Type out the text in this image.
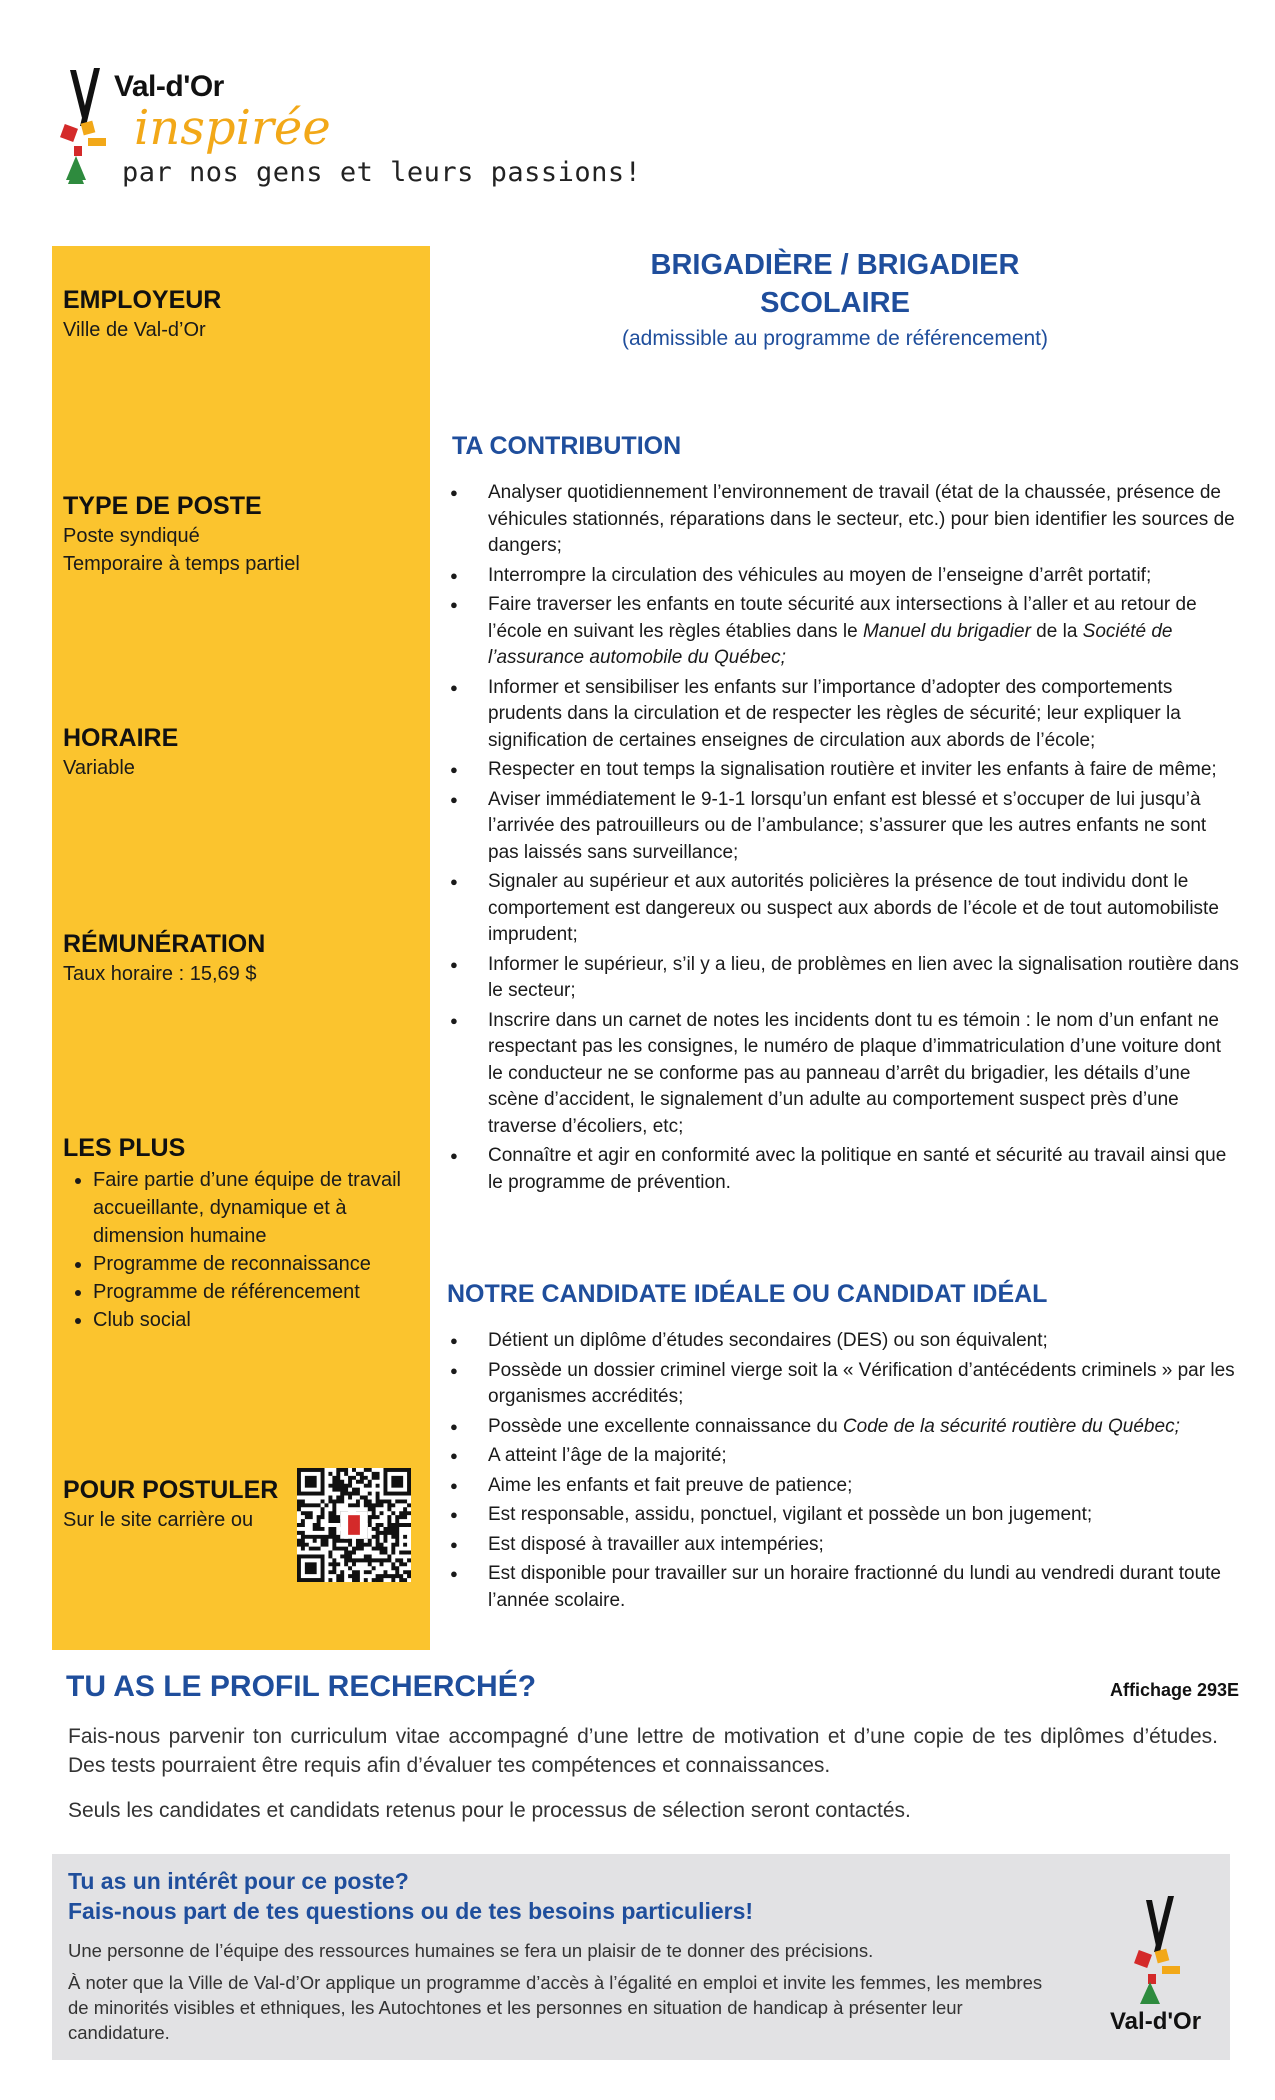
Val-d'Or
inspirée
par nos gens et leurs passions!
EMPLOYEUR
Ville de Val-d’Or
TYPE DE POSTE
Poste syndiqué
Temporaire à temps partiel
HORAIRE
Variable
RÉMUNÉRATION
Taux horaire : 15,69 $
LES PLUS
• Faire partie d’une équipe de travail accueillante, dynamique et à dimension humaine
• Programme de reconnaissance
• Programme de référencement
• Club social
POUR POSTULER
Sur le site carrière ou
BRIGADIÈRE / BRIGADIER
SCOLAIRE
(admissible au programme de référencement)
TA CONTRIBUTION
● Analyser quotidiennement l’environnement de travail (état de la chaussée, présence de véhicules stationnés, réparations dans le secteur, etc.) pour bien identifier les sources de dangers;
● Interrompre la circulation des véhicules au moyen de l’enseigne d’arrêt portatif;
● Faire traverser les enfants en toute sécurité aux intersections à l’aller et au retour de l’école en suivant les règles établies dans le Manuel du brigadier de la Société de l’assurance automobile du Québec;
● Informer et sensibiliser les enfants sur l’importance d’adopter des comportements prudents dans la circulation et de respecter les règles de sécurité; leur expliquer la signification de certaines enseignes de circulation aux abords de l’école;
● Respecter en tout temps la signalisation routière et inviter les enfants à faire de même;
● Aviser immédiatement le 9-1-1 lorsqu’un enfant est blessé et s’occuper de lui jusqu’à l’arrivée des patrouilleurs ou de l’ambulance; s’assurer que les autres enfants ne sont pas laissés sans surveillance;
● Signaler au supérieur et aux autorités policières la présence de tout individu dont le comportement est dangereux ou suspect aux abords de l’école et de tout automobiliste imprudent;
● Informer le supérieur, s’il y a lieu, de problèmes en lien avec la signalisation routière dans le secteur;
● Inscrire dans un carnet de notes les incidents dont tu es témoin : le nom d’un enfant ne respectant pas les consignes, le numéro de plaque d’immatriculation d’une voiture dont le conducteur ne se conforme pas au panneau d’arrêt du brigadier, les détails d’une scène d’accident, le signalement d’un adulte au comportement suspect près d’une traverse d’écoliers, etc;
● Connaître et agir en conformité avec la politique en santé et sécurité au travail ainsi que le programme de prévention.
NOTRE CANDIDATE IDÉALE OU CANDIDAT IDÉAL
● Détient un diplôme d’études secondaires (DES) ou son équivalent;
● Possède un dossier criminel vierge soit la « Vérification d’antécédents criminels » par les organismes accrédités;
● Possède une excellente connaissance du Code de la sécurité routière du Québec;
● A atteint l’âge de la majorité;
● Aime les enfants et fait preuve de patience;
● Est responsable, assidu, ponctuel, vigilant et possède un bon jugement;
● Est disposé à travailler aux intempéries;
● Est disponible pour travailler sur un horaire fractionné du lundi au vendredi durant toute l’année scolaire.
TU AS LE PROFIL RECHERCHÉ?	Affichage 293E
Fais-nous parvenir ton curriculum vitae accompagné d’une lettre de motivation et d’une copie de tes diplômes d’études. Des tests pourraient être requis afin d’évaluer tes compétences et connaissances.
Seuls les candidates et candidats retenus pour le processus de sélection seront contactés.
Tu as un intérêt pour ce poste?
Fais-nous part de tes questions ou de tes besoins particuliers!
Une personne de l’équipe des ressources humaines se fera un plaisir de te donner des précisions.
À noter que la Ville de Val-d’Or applique un programme d’accès à l’égalité en emploi et invite les femmes, les membres de minorités visibles et ethniques, les Autochtones et les personnes en situation de handicap à présenter leur candidature.	Val-d'Or
